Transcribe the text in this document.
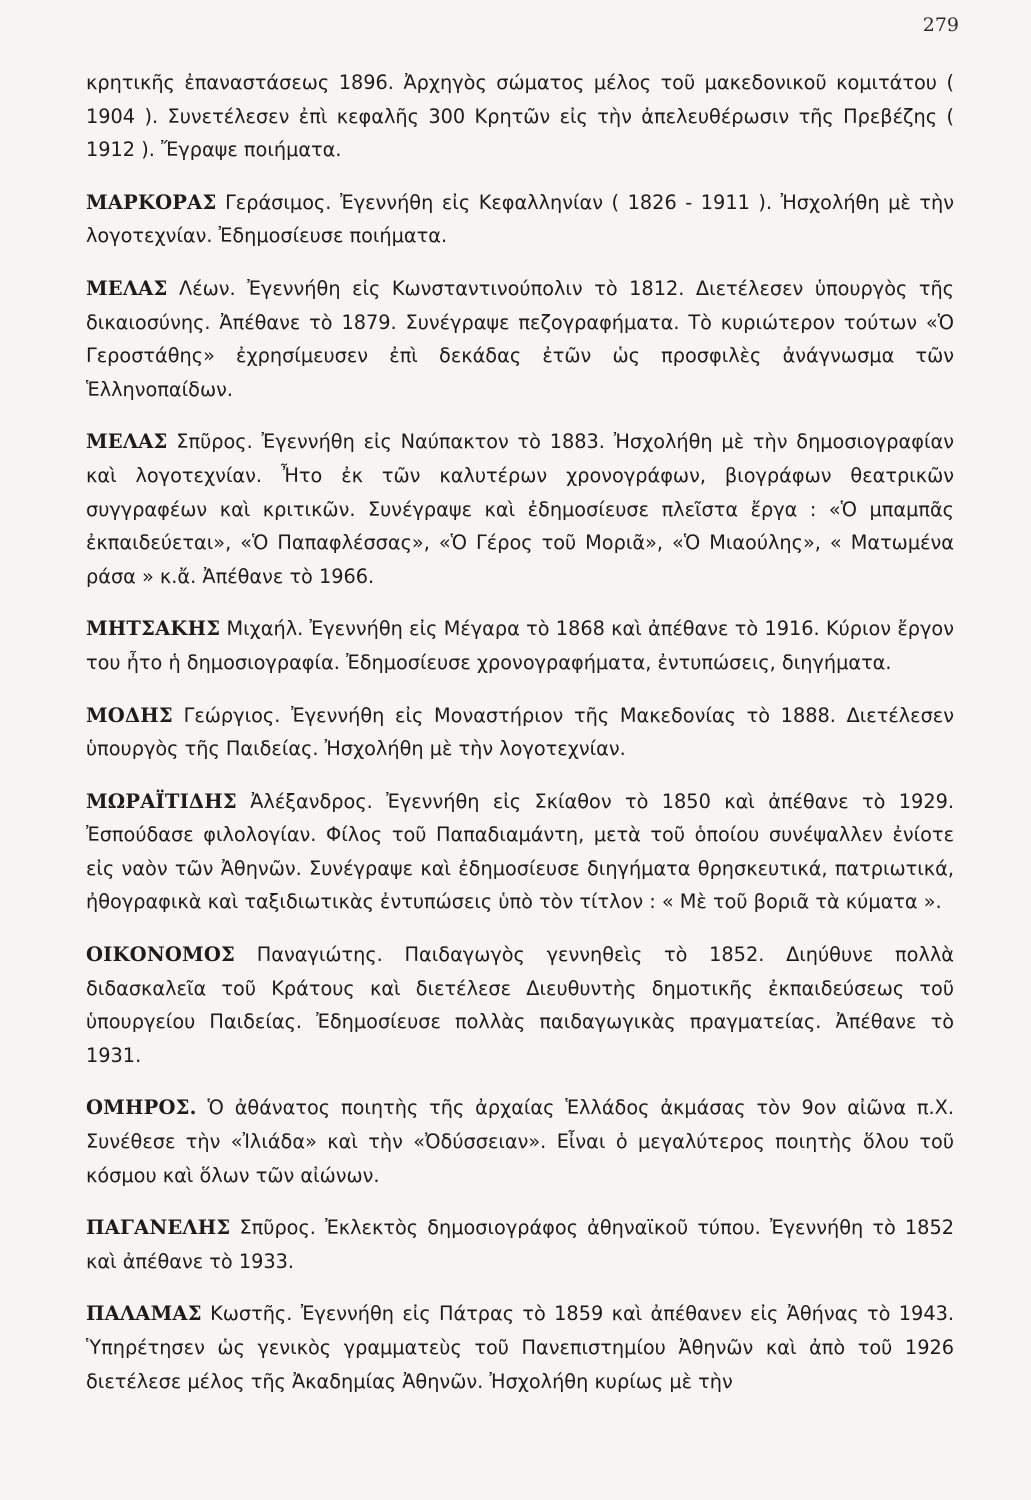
279

κρητικῆς ἐπαναστάσεως 1896. Ἀρχηγὸς σώματος μέλος τοῦ μακεδονικοῦ κομιτάτου ( 1904 ). Συνετέλεσεν ἐπὶ κεφαλῆς 300 Κρητῶν εἰς τὴν ἀπελευθέρωσιν τῆς Πρεβέζης ( 1912 ). Ἔγραψε ποιήματα.

ΜΑΡΚΟΡΑΣ Γεράσιμος. Ἐγεννήθη εἰς Κεφαλληνίαν ( 1826 - 1911 ). Ἠσχολήθη μὲ τὴν λογοτεχνίαν. Ἐδημοσίευσε ποιήματα.

ΜΕΛΑΣ Λέων. Ἐγεννήθη εἰς Κωνσταντινούπολιν τὸ 1812. Διετέλεσεν ὑπουργὸς τῆς δικαιοσύνης. Ἀπέθανε τὸ 1879. Συνέγραψε πεζογραφήματα. Τὸ κυριώτερον τούτων «Ὁ Γεροστάθης» ἐχρησίμευσεν ἐπὶ δεκάδας ἐτῶν ὡς προσφιλὲς ἀνάγνωσμα τῶν Ἑλληνοπαίδων.

ΜΕΛΑΣ Σπῦρος. Ἐγεννήθη εἰς Ναύπακτον τὸ 1883. Ἠσχολήθη μὲ τὴν δημοσιογραφίαν καὶ λογοτεχνίαν. Ἦτο ἐκ τῶν καλυτέρων χρονογράφων, βιογράφων θεατρικῶν συγγραφέων καὶ κριτικῶν. Συνέγραψε καὶ ἐδημοσίευσε πλεῖστα ἔργα : «Ὁ μπαμπᾶς ἐκπαιδεύεται», «Ὁ Παπαφλέσσας», «Ὁ Γέρος τοῦ Μοριᾶ», «Ὁ Μιαούλης», « Ματωμένα ράσα » κ.ἄ. Ἀπέθανε τὸ 1966.

ΜΗΤΣΑΚΗΣ Μιχαήλ. Ἐγεννήθη εἰς Μέγαρα τὸ 1868 καὶ ἀπέθανε τὸ 1916. Κύριον ἔργον του ἦτο ἡ δημοσιογραφία. Ἐδημοσίευσε χρονογραφήματα, ἐντυπώσεις, διηγήματα.

ΜΟΔΗΣ Γεώργιος. Ἐγεννήθη εἰς Μοναστήριον τῆς Μακεδονίας τὸ 1888. Διετέλεσεν ὑπουργὸς τῆς Παιδείας. Ἠσχολήθη μὲ τὴν λογοτεχνίαν.

ΜΩΡΑΪΤΙΔΗΣ Ἀλέξανδρος. Ἐγεννήθη εἰς Σκίαθον τὸ 1850 καὶ ἀπέθανε τὸ 1929. Ἐσπούδασε φιλολογίαν. Φίλος τοῦ Παπαδιαμάντη, μετὰ τοῦ ὁποίου συνέψαλλεν ἐνίοτε εἰς ναὸν τῶν Ἀθηνῶν. Συνέγραψε καὶ ἐδημοσίευσε διηγήματα θρησκευτικά, πατριωτικά, ἠθογραφικὰ καὶ ταξιδιωτικὰς ἐντυπώσεις ὑπὸ τὸν τίτλον : « Μὲ τοῦ βοριᾶ τὰ κύματα ».

ΟΙΚΟΝΟΜΟΣ Παναγιώτης. Παιδαγωγὸς γεννηθεὶς τὸ 1852. Διηύθυνε πολλὰ διδασκαλεῖα τοῦ Κράτους καὶ διετέλεσε Διευθυντὴς δημοτικῆς ἐκπαιδεύσεως τοῦ ὑπουργείου Παιδείας. Ἐδημοσίευσε πολλὰς παιδαγωγικὰς πραγματείας. Ἀπέθανε τὸ 1931.

ΟΜΗΡΟΣ. Ὁ ἀθάνατος ποιητὴς τῆς ἀρχαίας Ἑλλάδος ἀκμάσας τὸν 9ον αἰῶνα π.Χ. Συνέθεσε τὴν «Ἰλιάδα» καὶ τὴν «Ὀδύσσειαν». Εἶναι ὁ μεγαλύτερος ποιητὴς ὅλου τοῦ κόσμου καὶ ὅλων τῶν αἰώνων.

ΠΑΓΑΝΕΛΗΣ Σπῦρος. Ἐκλεκτὸς δημοσιογράφος ἀθηναϊκοῦ τύπου. Ἐγεννήθη τὸ 1852 καὶ ἀπέθανε τὸ 1933.

ΠΑΛΑΜΑΣ Κωστῆς. Ἐγεννήθη εἰς Πάτρας τὸ 1859 καὶ ἀπέθανεν εἰς Ἀθήνας τὸ 1943. Ὑπηρέτησεν ὡς γενικὸς γραμματεὺς τοῦ Πανεπιστημίου Ἀθηνῶν καὶ ἀπὸ τοῦ 1926 διετέλεσε μέλος τῆς Ἀκαδημίας Ἀθηνῶν. Ἠσχολήθη κυρίως μὲ τὴν
